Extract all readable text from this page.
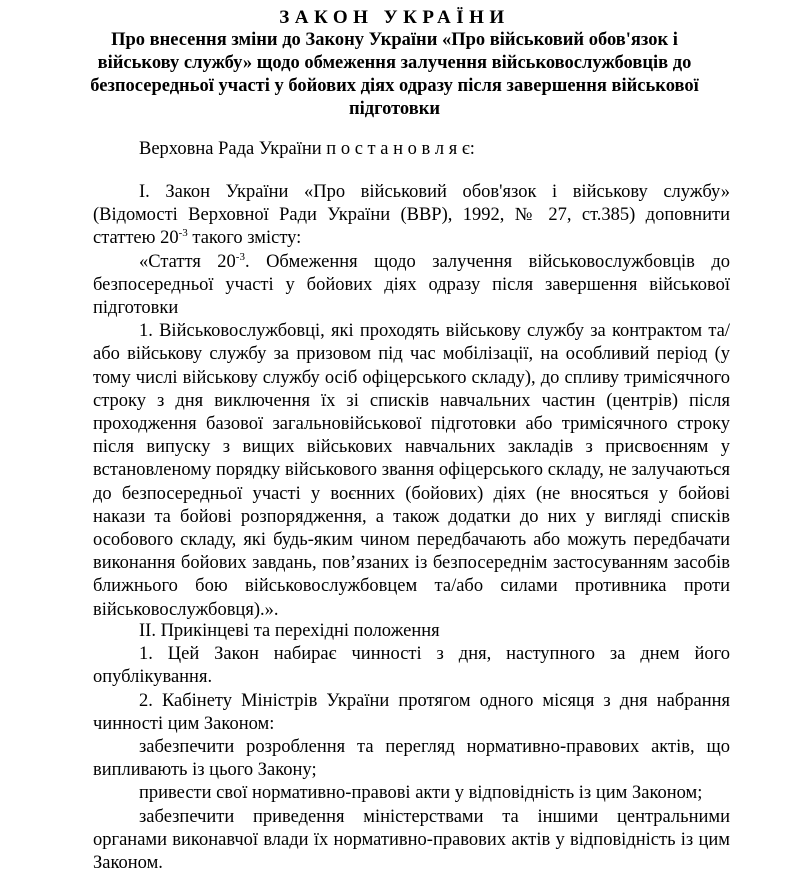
ЗАКОН УКРАЇНИ
Про внесення зміни до Закону України «Про військовий обов'язок і військову службу» щодо обмеження залучення військовослужбовців до безпосередньої участі у бойових діях одразу після завершення військової підготовки
Верховна Рада України п о с т а н о в л я є:

І. Закон України «Про військовий обов'язок і військову службу» (Відомості Верховної Ради України (ВВР), 1992, № 27, ст.385) доповнити статтею $20^{-3}$ такого змісту:

«Стаття $20^{-3}$. Обмеження щодо залучення військовослужбовців до безпосередньої участі у бойових діях одразу після завершення військової підготовки

1. Військовослужбовці, які проходять військову службу за контрактом та/або військову службу за призовом під час мобілізації, на особливий період (у тому числі військову службу осіб офіцерського складу), до спливу тримісячного строку з дня виключення їх зі списків навчальних частин (центрів) після проходження базової загальновійськової підготовки або тримісячного строку після випуску з вищих військових навчальних закладів з присвоєнням у встановленому порядку військового звання офіцерського складу, не залучаються до безпосередньої участі у воєнних (бойових) діях (не вносяться у бойові накази та бойові розпорядження, а також додатки до них у вигляді списків особового складу, які будь-яким чином передбачають або можуть передбачати виконання бойових завдань, пов’язаних із безпосереднім застосуванням засобів ближнього бою військовослужбовцем та/або силами противника проти військовослужбовця).».

ІІ. Прикінцеві та перехідні положення

1. Цей Закон набирає чинності з дня, наступного за днем його опублікування.

2. Кабінету Міністрів України протягом одного місяця з дня набрання чинності цим Законом:

забезпечити розроблення та перегляд нормативно-правових актів, що випливають із цього Закону;

привести свої нормативно-правові акти у відповідність із цим Законом;

забезпечити приведення міністерствами та іншими центральними органами виконавчої влади їх нормативно-правових актів у відповідність із цим Законом.
